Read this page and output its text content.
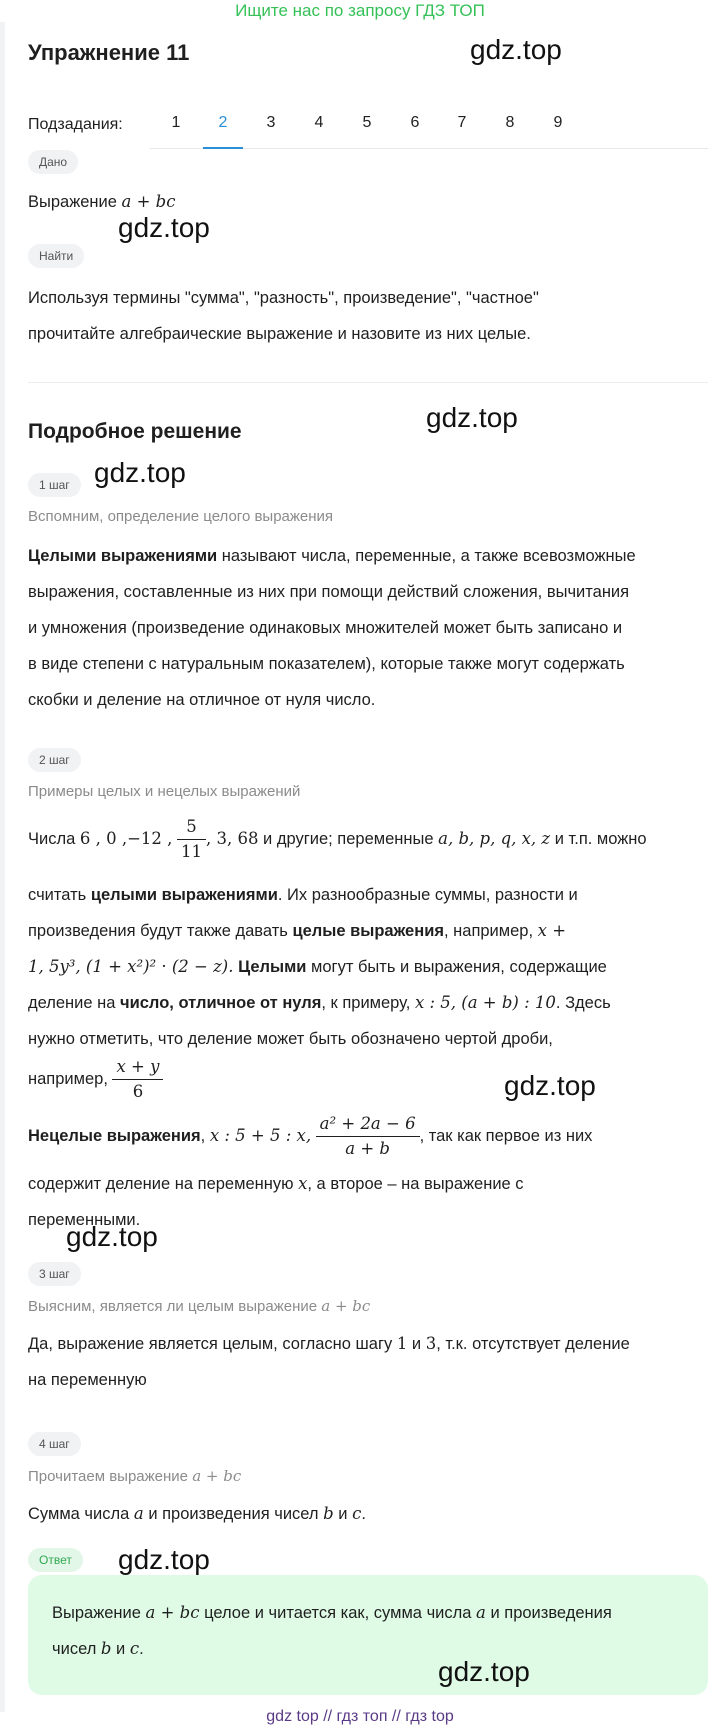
Ищите нас по запросу ГДЗ ТОП
Упражнение 11	gdz.top
Подзадания:	1	2	3	4	5	6	7	8	9
Дано
Выражение a + bc
gdz.top
Найти
Используя термины "сумма", "разность", произведение", "частное"
прочитайте алгебраические выражение и назовите из них целые.
Подробное решение	gdz.top
1 шаг gdz.top
Вспомним, определение целого выражения
Целыми выражениями называют числа, переменные, а также всевозможные
выражения, составленные из них при помощи действий сложения, вычитания
и умножения (произведение одинаковых множителей может быть записано и
в виде степени с натуральным показателем), которые также могут содержать
скобки и деление на отличное от нуля число.
2 шаг
Примеры целых и нецелых выражений
Числа 6 , 0 ,−12 , $\frac{5}{11}$ , 3, 68 и другие; переменные a, b, p, q, x, z и т.п. можно
считать целыми выражениями. Их разнообразные суммы, разности и
произведения будут также давать целые выражения, например, x +
1, 5y³, (1 + x²)² · (2 − z). Целыми могут быть и выражения, содержащие
деление на число, отличное от нуля, к примеру, x : 5, (a + b) : 10. Здесь
нужно отметить, что деление может быть обозначено чертой дроби,
например, $\frac{x + y}{6}$	gdz.top
Нецелые выражения, x : 5 + 5 : x, $\frac{\text{a² + 2a − 6}}{a + b}$ , так как первое из них
содержит деление на переменную x, а второе – на выражение с
переменными.
gdz.top
3 шаг
Выясним, является ли целым выражение a + bc
Да, выражение является целым, согласно шагу 1 и 3, т.к. отсутствует деление
на переменную
4 шаг
Прочитаем выражение a + bc
Сумма числа a и произведения чисел b и c.
Ответ	gdz.top
Выражение a + bc целое и читается как, сумма числа a и произведения
чисел b и c.
gdz.top
gdz top // гдз топ // гдз top
